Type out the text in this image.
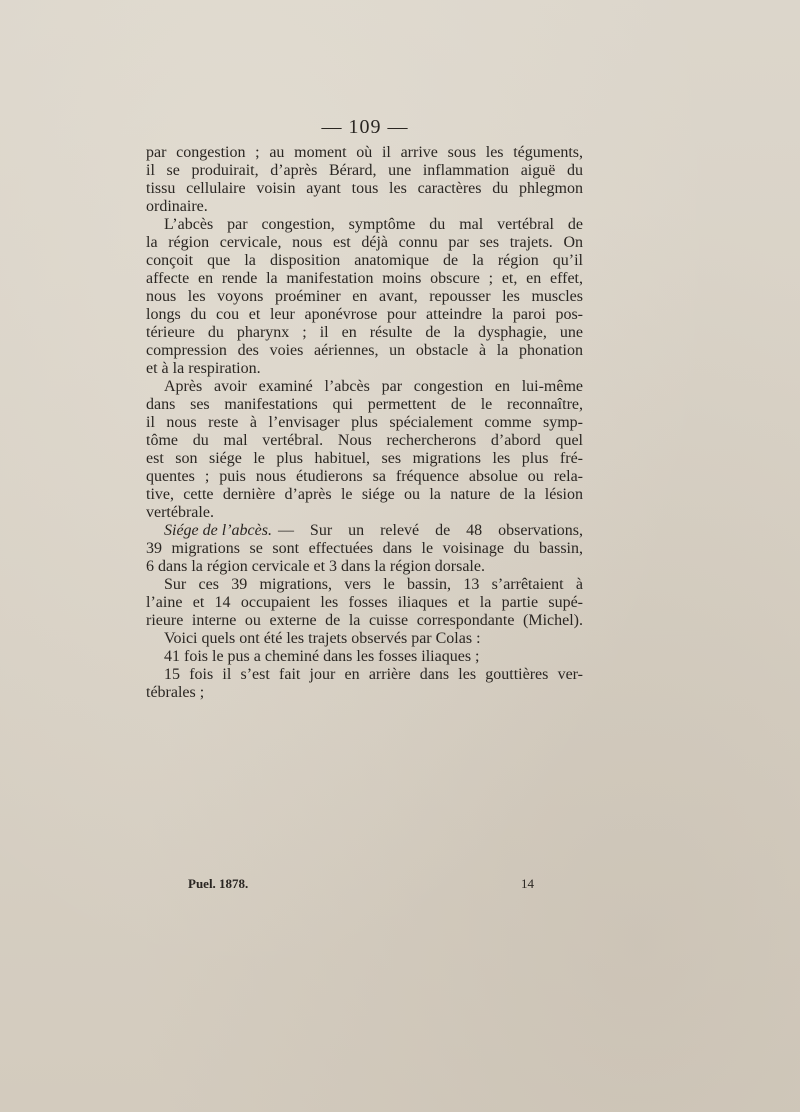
— 109 —
par congestion ; au moment où il arrive sous les téguments,
il se produirait, d’après Bérard, une inflammation aiguë du
tissu cellulaire voisin ayant tous les caractères du phlegmon
ordinaire.
L’abcès par congestion, symptôme du mal vertébral de
la région cervicale, nous est déjà connu par ses trajets. On
conçoit que la disposition anatomique de la région qu’il
affecte en rende la manifestation moins obscure ; et, en effet,
nous les voyons proéminer en avant, repousser les muscles
longs du cou et leur aponévrose pour atteindre la paroi pos-
térieure du pharynx ; il en résulte de la dysphagie, une
compression des voies aériennes, un obstacle à la phonation
et à la respiration.
Après avoir examiné l’abcès par congestion en lui-même
dans ses manifestations qui permettent de le reconnaître,
il nous reste à l’envisager plus spécialement comme symp-
tôme du mal vertébral. Nous rechercherons d’abord quel
est son siége le plus habituel, ses migrations les plus fré-
quentes ; puis nous étudierons sa fréquence absolue ou rela-
tive, cette dernière d’après le siége ou la nature de la lésion
vertébrale.
Siége de l’abcès. — Sur un relevé de 48 observations,
39 migrations se sont effectuées dans le voisinage du bassin,
6 dans la région cervicale et 3 dans la région dorsale.
Sur ces 39 migrations, vers le bassin, 13 s’arrêtaient à
l’aine et 14 occupaient les fosses iliaques et la partie supé-
rieure interne ou externe de la cuisse correspondante (Michel).
Voici quels ont été les trajets observés par Colas :
41 fois le pus a cheminé dans les fosses iliaques ;
15 fois il s’est fait jour en arrière dans les gouttières ver-
tébrales ;
Puel. 1878.	14
